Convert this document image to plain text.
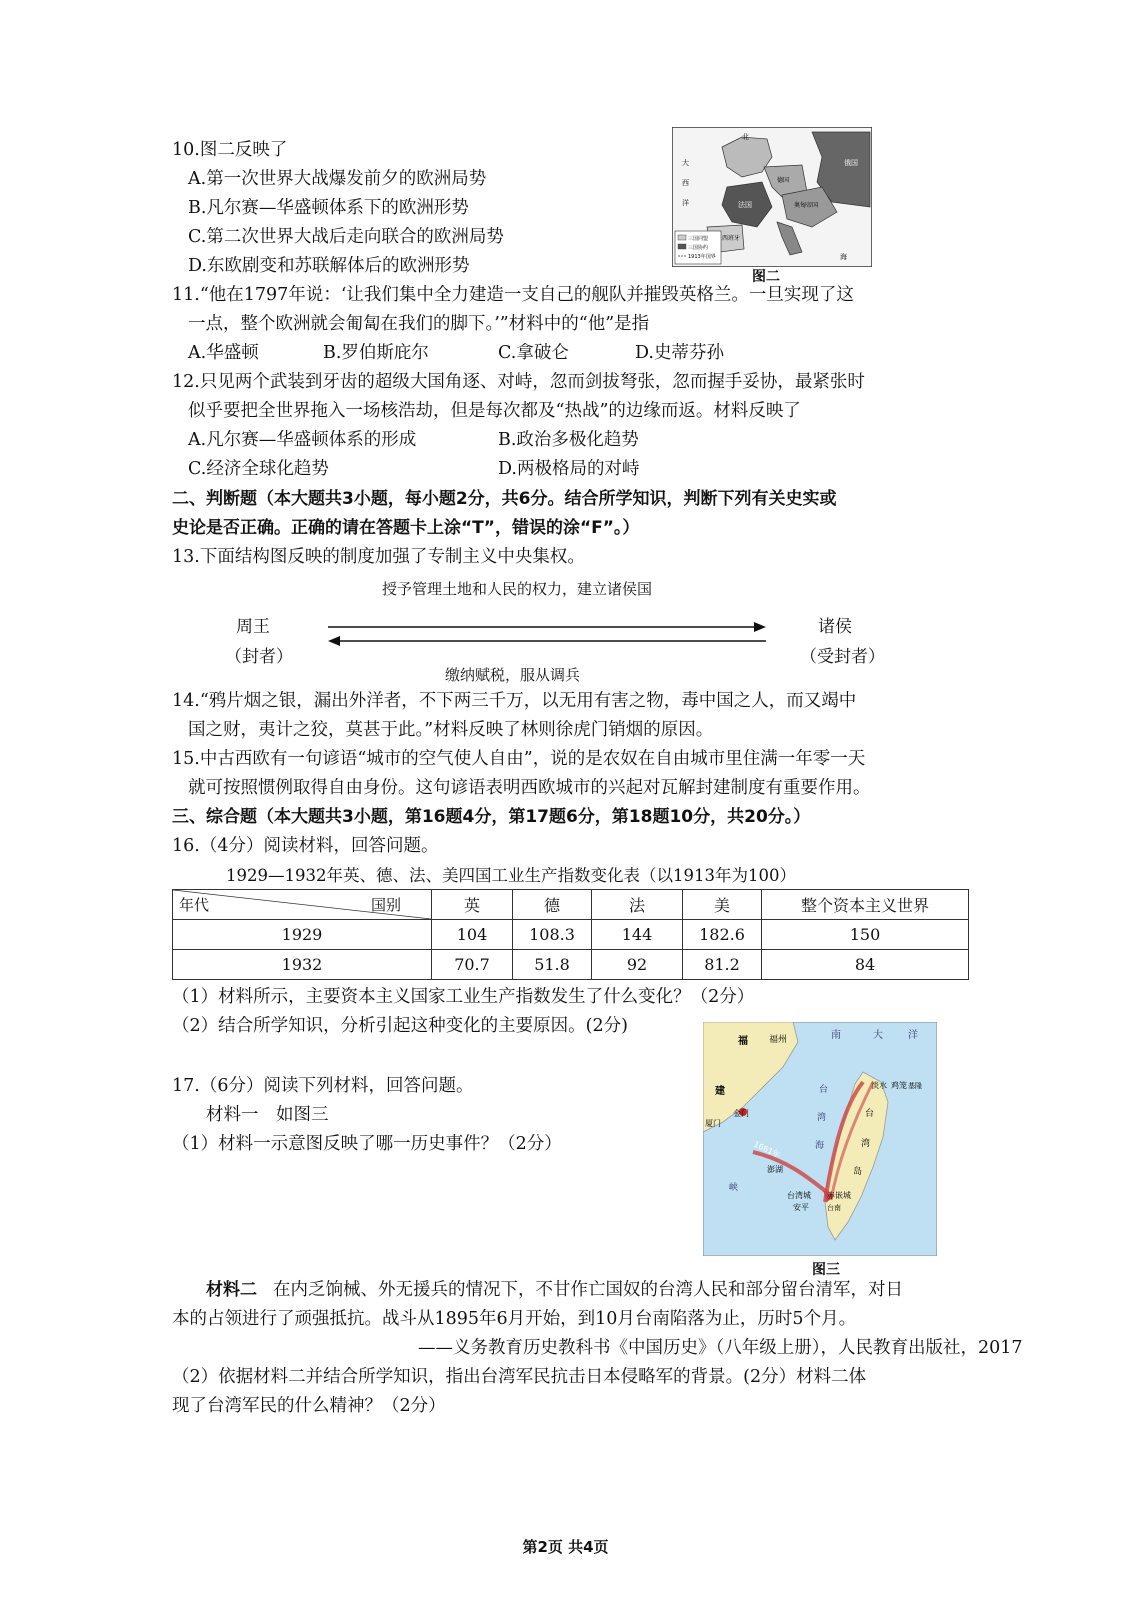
10.图二反映了
A.第一次世界大战爆发前夕的欧洲局势
B.凡尔赛—华盛顿体系下的欧洲形势
C.第二次世界大战后走向联合的欧洲局势
D.东欧剧变和苏联解体后的欧洲形势
大
西
洋
北
俄国
德国
奥匈帝国
法国
三国同盟
三国协约
1913年国界
西班牙
海
图二
11.“他在1797年说：‘让我们集中全力建造一支自己的舰队并摧毁英格兰。一旦实现了这
一点，整个欧洲就会匍匐在我们的脚下。’”材料中的“他”是指
A.华盛顿	B.罗伯斯庇尔	C.拿破仑	D.史蒂芬孙
12.只见两个武装到牙齿的超级大国角逐、对峙，忽而剑拔弩张，忽而握手妥协，最紧张时
似乎要把全世界拖入一场核浩劫，但是每次都及“热战”的边缘而返。材料反映了
A.凡尔赛—华盛顿体系的形成	B.政治多极化趋势
C.经济全球化趋势	D.两极格局的对峙
二、判断题（本大题共3小题，每小题2分，共6分。结合所学知识，判断下列有关史实或
史论是否正确。正确的请在答题卡上涂“T”，错误的涂“F”。）
13.下面结构图反映的制度加强了专制主义中央集权。
授予管理土地和人民的权力，建立诸侯国
周王
（封者）
诸侯
（受封者）
缴纳赋税，服从调兵
14.“鸦片烟之银，漏出外洋者，不下两三千万，以无用有害之物，毒中国之人，而又竭中
国之财，夷计之狡，莫甚于此。”材料反映了林则徐虎门销烟的原因。
15.中古西欧有一句谚语“城市的空气使人自由”，说的是农奴在自由城市里住满一年零一天
就可按照惯例取得自由身份。这句谚语表明西欧城市的兴起对瓦解封建制度有重要作用。
三、综合题（本大题共3小题，第16题4分，第17题6分，第18题10分，共20分。）
16.（4分）阅读材料，回答问题。
1929—1932年英、德、法、美四国工业生产指数变化表（以1913年为100）
年代 国别	英	德	法	美	整个资本主义世界
1929	104	108.3	144	182.6	150
1932	70.7	51.8	92	81.2	84
（1）材料所示，主要资本主义国家工业生产指数发生了什么变化？（2分）
（2）结合所学知识，分析引起这种变化的主要原因。(2分)
17.（6分）阅读下列材料，回答问题。
材料一　如图三
（1）材料一示意图反映了哪一历史事件？（2分）
福
建
福州	南	大	洋
金门
厦门
1661年
台
湾
海
峡
澎湖
淡水 鸡笼 基隆
台
湾
岛
台湾城
安平
赤嵌城
台南
图三
材料二 在内乏饷械、外无援兵的情况下，不甘作亡国奴的台湾人民和部分留台清军，对日
本的占领进行了顽强抵抗。战斗从1895年6月开始，到10月台南陷落为止，历时5个月。
——义务教育历史教科书《中国历史》（八年级上册），人民教育出版社，2017
（2）依据材料二并结合所学知识，指出台湾军民抗击日本侵略军的背景。(2分）材料二体
现了台湾军民的什么精神？（2分）
第2页 共4页
